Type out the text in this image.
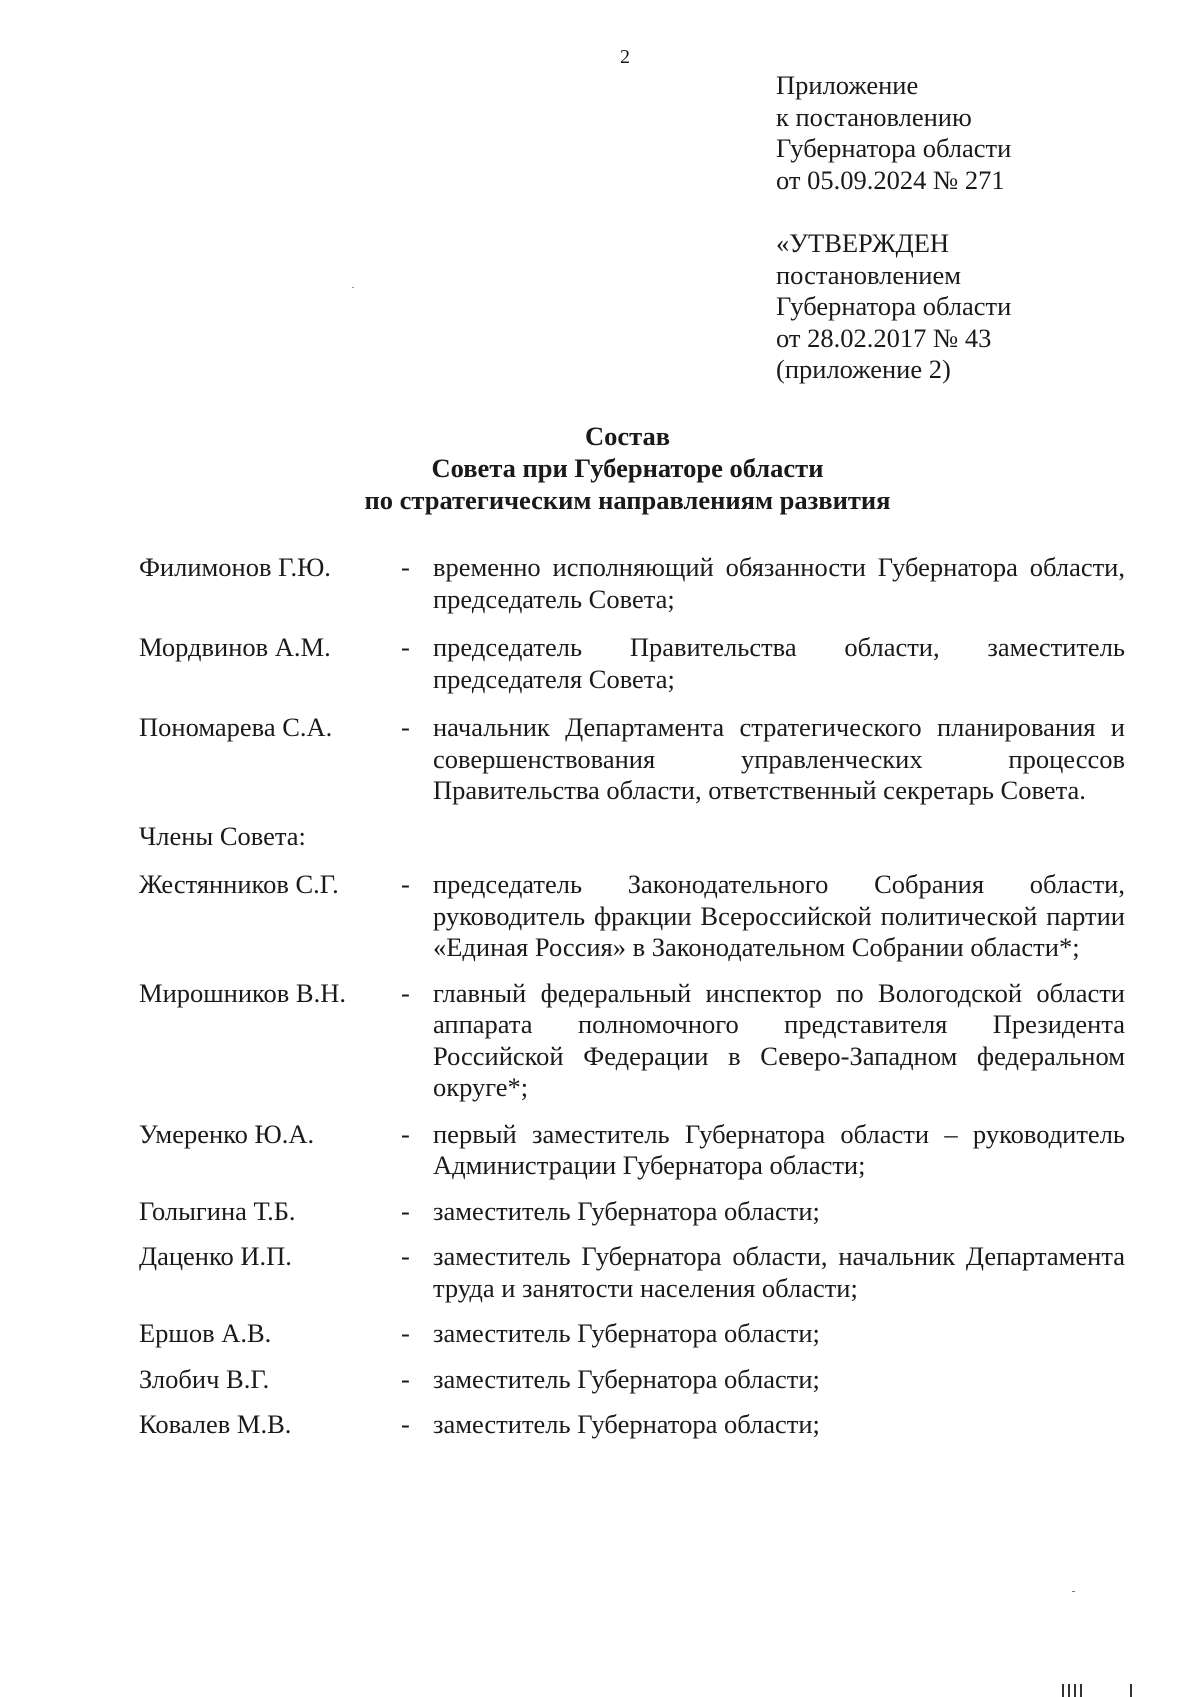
2
Приложение
к постановлению
Губернатора области
от 05.09.2024 № 271
«УТВЕРЖДЕН
постановлением
Губернатора области
от 28.02.2017 № 43
(приложение 2)
Состав
Совета при Губернаторе области
по стратегическим направлениям развития
Филимонов Г.Ю.	- временно исполняющий обязанности Губернатора области, председатель Совета;
Мордвинов А.М.	- председатель Правительства области, заместитель председателя Совета;
Пономарева С.А.	- начальник Департамента стратегического планирования и совершенствования управленческих процессов Правительства области, ответственный секретарь Совета.
Члены Совета:
Жестянников С.Г.	- председатель Законодательного Собрания области, руководитель фракции Всероссийской политической партии «Единая Россия» в Законодательном Собрании области*;
Мирошников В.Н.	- главный федеральный инспектор по Вологодской области аппарата полномочного представителя Президента Российской Федерации в Северо-Западном федеральном округе*;
Умеренко Ю.А.	- первый заместитель Губернатора области – руководитель Администрации Губернатора области;
Голыгина Т.Б.	- заместитель Губернатора области;
Даценко И.П.	- заместитель Губернатора области, начальник Департамента труда и занятости населения области;
Ершов А.В.	- заместитель Губернатора области;
Злобич В.Г.	- заместитель Губернатора области;
Ковалев М.В.	- заместитель Губернатора области;
